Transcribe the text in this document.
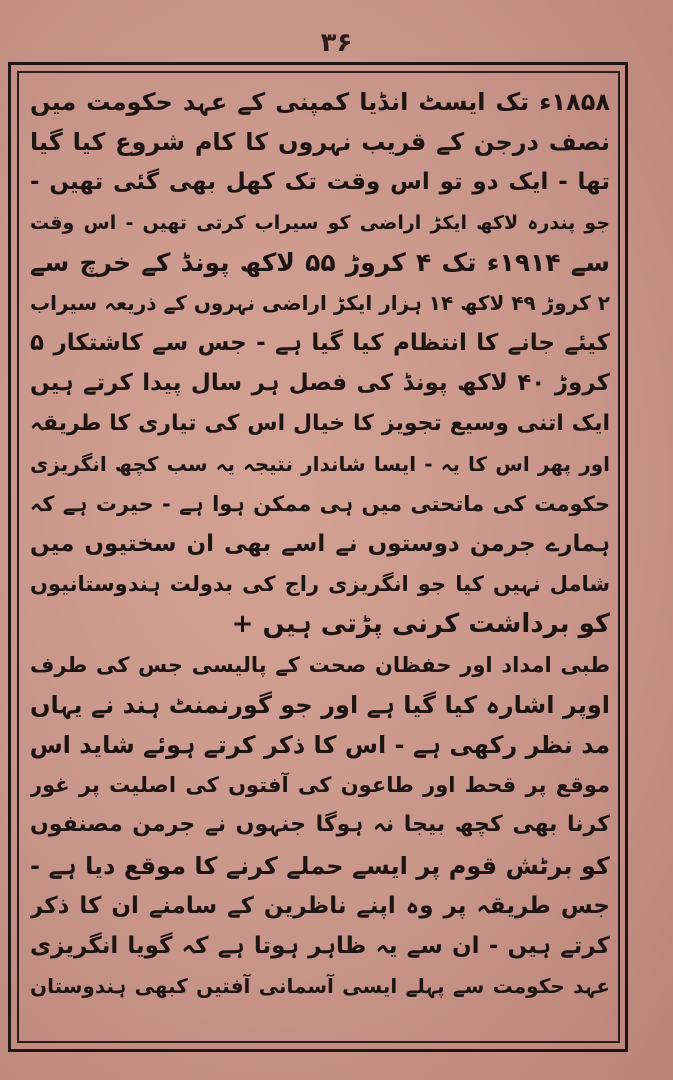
۳۶
۱۸۵۸ء تک ایسٹ انڈیا کمپنی کے عہد حکومت میں
نصف درجن کے قریب نہروں کا کام شروع کیا گیا
تھا - ایک دو تو اس وقت تک کھل بھی گئی تھیں -
جو پندرہ لاکھ ایکڑ اراضی کو سیراب کرتی تھیں - اس وقت
سے ۱۹۱۴ء تک ۴ کروڑ ۵۵ لاکھ پونڈ کے خرچ سے
۲ کروڑ ۴۹ لاکھ ۱۴ ہزار ایکڑ اراضی نہروں کے ذریعہ سیراب
کیئے جانے کا انتظام کیا گیا ہے - جس سے کاشتکار ۵
کروڑ ۴۰ لاکھ پونڈ کی فصل ہر سال پیدا کرتے ہیں
ایک اتنی وسیع تجویز کا خیال اس کی تیاری کا طریقہ
اور پھر اس کا یہ - ایسا شاندار نتیجہ یہ سب کچھ انگریزی
حکومت کی ماتحتی میں ہی ممکن ہوا ہے - حیرت ہے کہ
ہمارے جرمن دوستوں نے اسے بھی ان سختیوں میں
شامل نہیں کیا جو انگریزی راج کی بدولت ہندوستانیوں
کو برداشت کرنی پڑتی ہیں +
طبی امداد اور حفظان صحت کے پالیسی جس کی طرف
اوپر اشارہ کیا گیا ہے اور جو گورنمنٹ ہند نے یہاں
مد نظر رکھی ہے - اس کا ذکر کرتے ہوئے شاید اس
موقع پر قحط اور طاعون کی آفتوں کی اصلیت پر غور
کرنا بھی کچھ بیجا نہ ہوگا جنہوں نے جرمن مصنفوں
کو برٹش قوم پر ایسے حملے کرنے کا موقع دیا ہے -
جس طریقہ پر وہ اپنے ناظرین کے سامنے ان کا ذکر
کرتے ہیں - ان سے یہ ظاہر ہوتا ہے کہ گویا انگریزی
عہد حکومت سے پہلے ایسی آسمانی آفتیں کبھی ہندوستان
